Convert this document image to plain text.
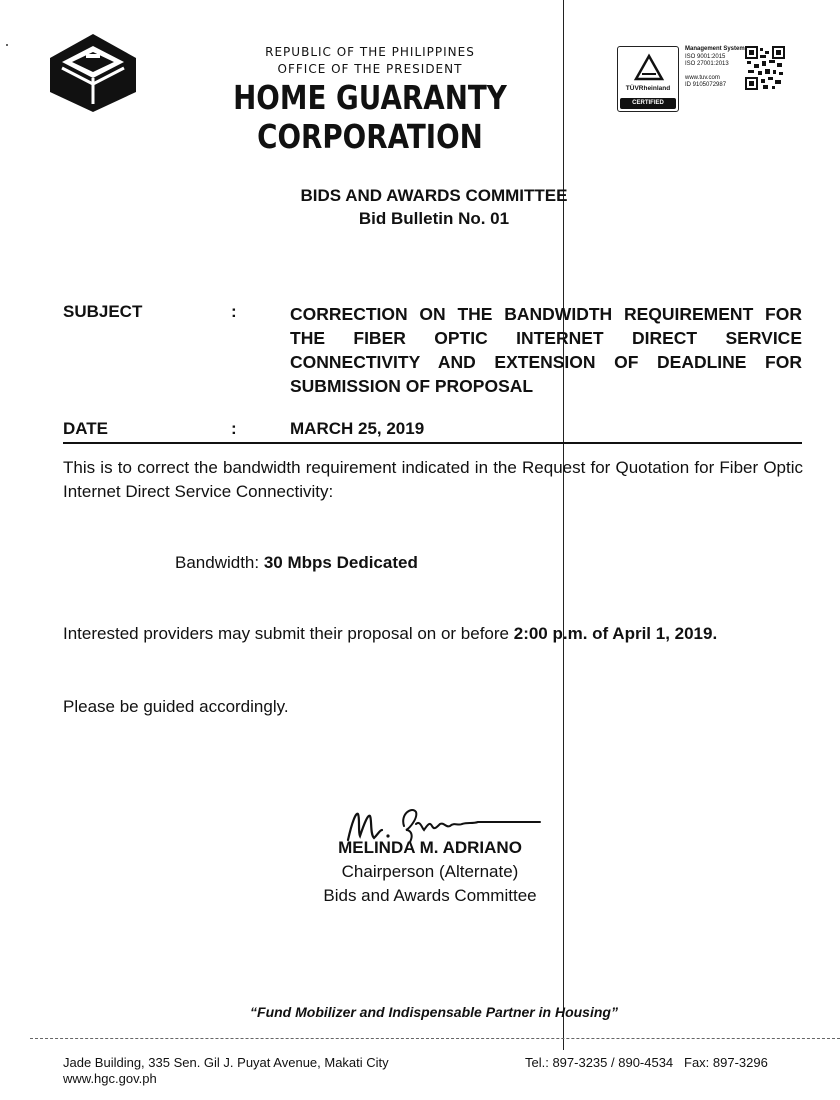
REPUBLIC OF THE PHILIPPINES
OFFICE OF THE PRESIDENT
HOME GUARANTY CORPORATION
TÜVRheinland
CERTIFIED
Management System
ISO 9001:2015
ISO 27001:2013
www.tuv.com
ID 9105072987
BIDS AND AWARDS COMMITTEE
Bid Bulletin No. 01
SUBJECT	:	CORRECTION ON THE BANDWIDTH REQUIREMENT FOR THE FIBER OPTIC INTERNET DIRECT SERVICE CONNECTIVITY AND EXTENSION OF DEADLINE FOR SUBMISSION OF PROPOSAL
DATE	:	MARCH 25, 2019
This is to correct the bandwidth requirement indicated in the Request for Quotation for Fiber Optic Internet Direct Service Connectivity:
Bandwidth: 30 Mbps Dedicated
Interested providers may submit their proposal on or before 2:00 p.m. of April 1, 2019.
Please be guided accordingly.
MELINDA M. ADRIANO
Chairperson (Alternate)
Bids and Awards Committee
“Fund Mobilizer and Indispensable Partner in Housing”
Jade Building, 335 Sen. Gil J. Puyat Avenue, Makati City
www.hgc.gov.ph
Tel.: 897-3235 / 890-4534   Fax: 897-3296
